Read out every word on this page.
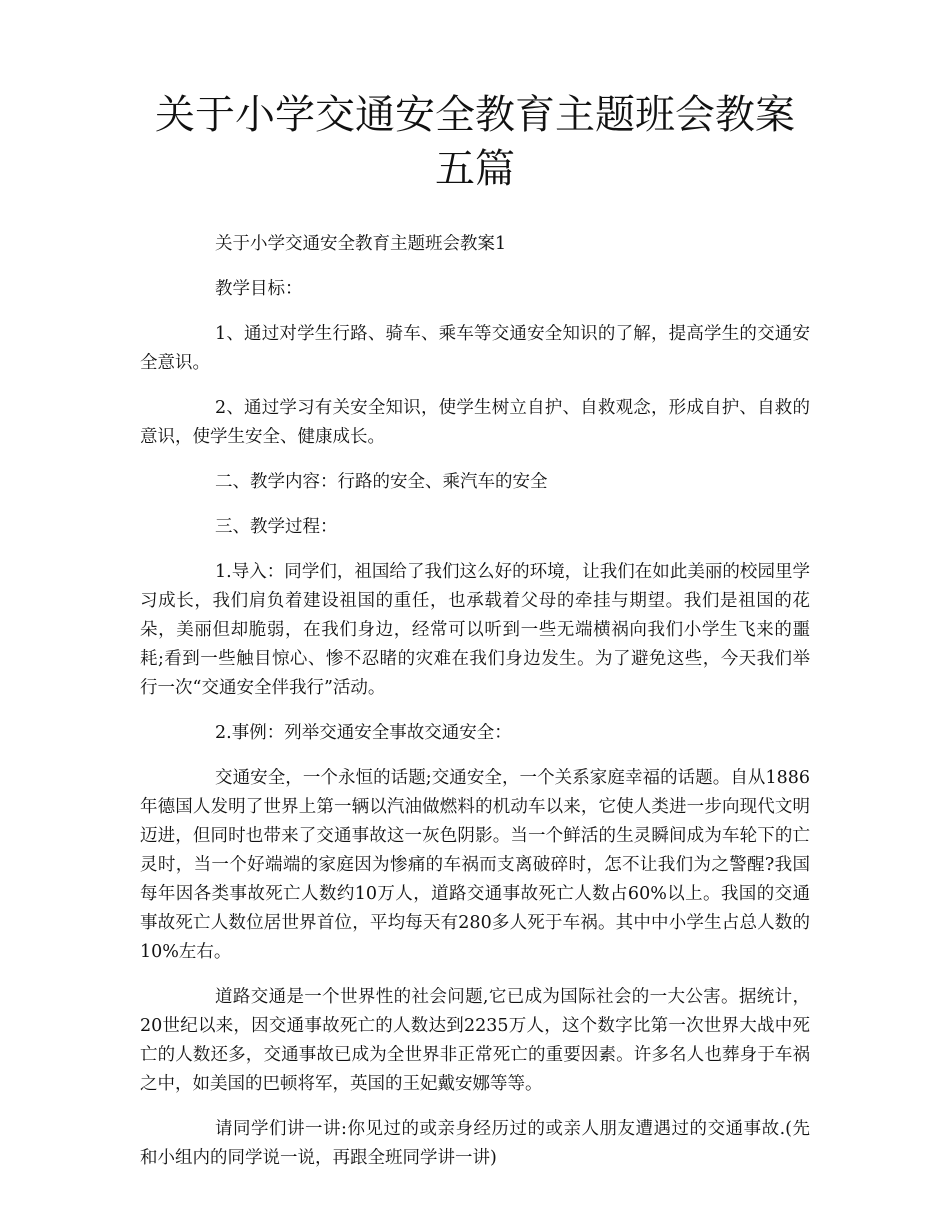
关于小学交通安全教育主题班会教案
五篇

关于小学交通安全教育主题班会教案1

教学目标：

1、通过对学生行路、骑车、乘车等交通安全知识的了解，提高学生的交通安全意识。

2、通过学习有关安全知识，使学生树立自护、自救观念，形成自护、自救的意识，使学生安全、健康成长。

二、教学内容：行路的安全、乘汽车的安全

三、教学过程：

1.导入：同学们，祖国给了我们这么好的环境，让我们在如此美丽的校园里学习成长，我们肩负着建设祖国的重任，也承载着父母的牵挂与期望。我们是祖国的花朵，美丽但却脆弱，在我们身边，经常可以听到一些无端横祸向我们小学生飞来的噩耗;看到一些触目惊心、惨不忍睹的灾难在我们身边发生。为了避免这些，今天我们举行一次“交通安全伴我行”活动。

2.事例：列举交通安全事故交通安全：

交通安全，一个永恒的话题;交通安全，一个关系家庭幸福的话题。自从1886年德国人发明了世界上第一辆以汽油做燃料的机动车以来，它使人类进一步向现代文明迈进，但同时也带来了交通事故这一灰色阴影。当一个鲜活的生灵瞬间成为车轮下的亡灵时，当一个好端端的家庭因为惨痛的车祸而支离破碎时，怎不让我们为之警醒?我国每年因各类事故死亡人数约10万人，道路交通事故死亡人数占60%以上。我国的交通事故死亡人数位居世界首位，平均每天有280多人死于车祸。其中中小学生占总人数的10%左右。

道路交通是一个世界性的社会问题,它已成为国际社会的一大公害。据统计，20世纪以来，因交通事故死亡的人数达到2235万人，这个数字比第一次世界大战中死亡的人数还多，交通事故已成为全世界非正常死亡的重要因素。许多名人也葬身于车祸之中，如美国的巴顿将军，英国的王妃戴安娜等等。

请同学们讲一讲:你见过的或亲身经历过的或亲人朋友遭遇过的交通事故.(先和小组内的同学说一说，再跟全班同学讲一讲)
